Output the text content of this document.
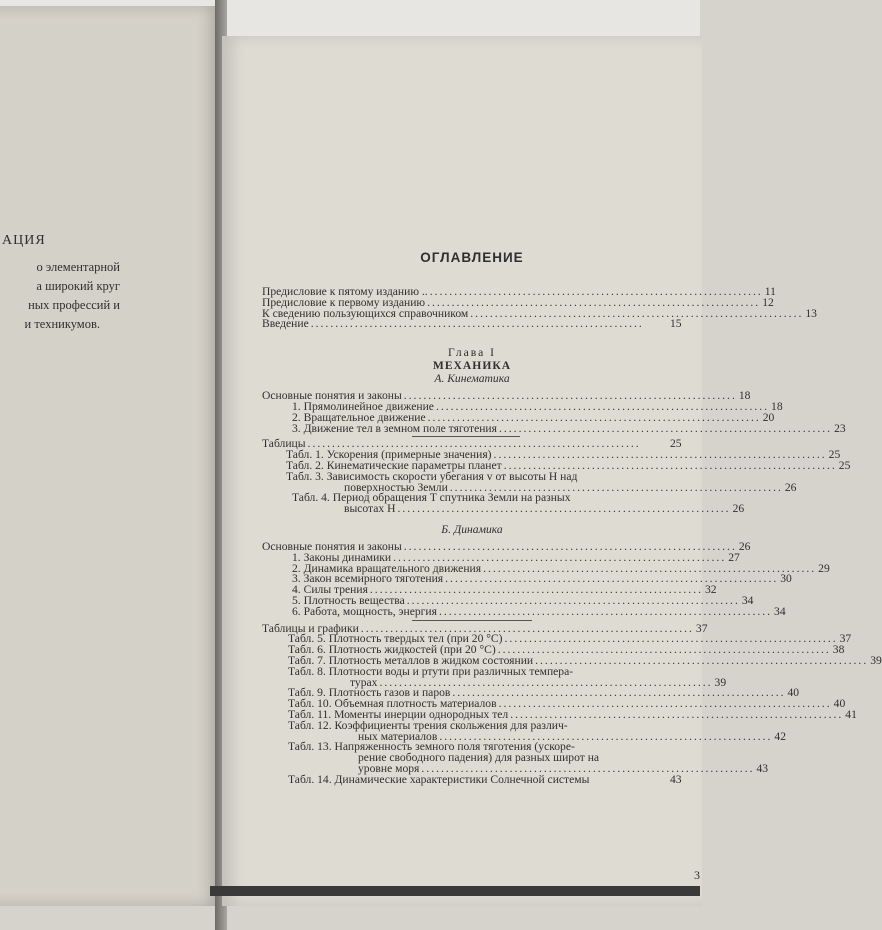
АЦИЯ
о элементарной
а широкий круг
ных профессий и
и техникумов.
ОГЛАВЛЕНИЕ
Предисловие к пятому изданию .. .................................................................... 11
Предисловие к первому изданию .................................................................... 12
К сведению пользующихся справочником .................................................................... 13
Введение ....................................................................	15
Глава I
МЕХАНИКА
А. Кинематика
Основные понятия и законы .................................................................... 18
1. Прямолинейное движение .................................................................... 18
2. Вращательное движение .................................................................... 20
3. Движение тел в земном поле тяготения .................................................................... 23
Таблицы ....................................................................	25
Табл. 1. Ускорения (примерные значения) .................................................................... 25
Табл. 2. Кинематические параметры планет .................................................................... 25
Табл. 3. Зависимость скорости убегания v от высоты H над
поверхностью Земли .................................................................... 26
Табл. 4. Период обращения T спутника Земли на разных
высотах H .................................................................... 26
Б. Динамика
Основные понятия и законы .................................................................... 26
1. Законы динамики .................................................................... 27
2. Динамика вращательного движения .................................................................... 29
3. Закон всемирного тяготения .................................................................... 30
4. Силы трения .................................................................... 32
5. Плотность вещества .................................................................... 34
6. Работа, мощность, энергия .................................................................... 34
Таблицы и графики .................................................................... 37
Табл. 5. Плотность твердых тел (при 20 °С) .................................................................... 37
Табл. 6. Плотность жидкостей (при 20 °С) .................................................................... 38
Табл. 7. Плотность металлов в жидком состоянии .................................................................... 39
Табл. 8. Плотности воды и ртути при различных темпера-
турах .................................................................... 39
Табл. 9. Плотность газов и паров .................................................................... 40
Табл. 10. Объемная плотность материалов .................................................................... 40
Табл. 11. Моменты инерции однородных тел .................................................................... 41
Табл. 12. Коэффициенты трения скольжения для различ-
ных материалов .................................................................... 42
Табл. 13. Напряженность земного поля тяготения (ускоре-
рение свободного падения) для разных широт на
уровне моря .................................................................... 43
Табл. 14. Динамические характеристики Солнечной системы	43
3
